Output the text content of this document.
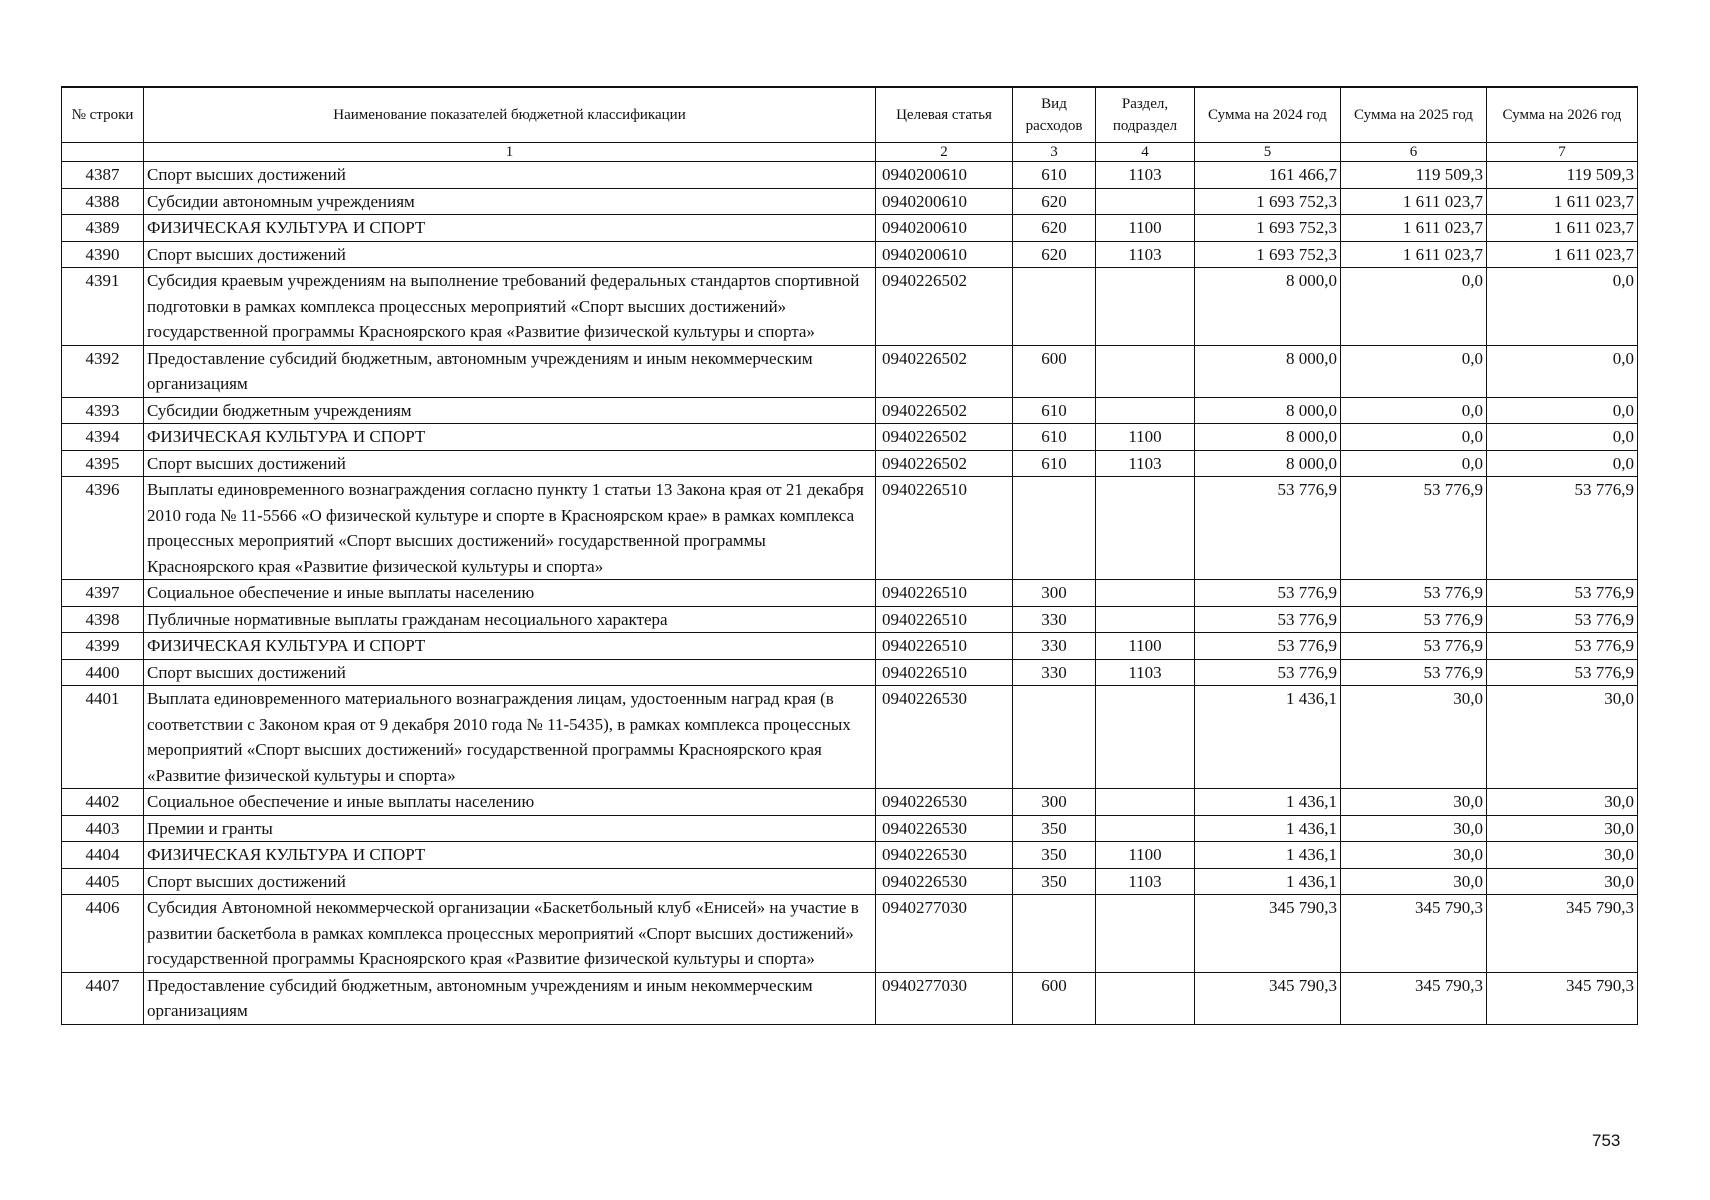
№ строки	Наименование показателей бюджетной классификации	Целевая статья	Вид расходов	Раздел, подраздел	Сумма на 2024 год	Сумма на 2025 год	Сумма на 2026 год
	1	2	3	4	5	6	7
4387	Спорт высших достижений	0940200610	610	1103	161 466,7	119 509,3	119 509,3
4388	Субсидии автономным учреждениям	0940200610	620		1 693 752,3	1 611 023,7	1 611 023,7
4389	ФИЗИЧЕСКАЯ КУЛЬТУРА И СПОРТ	0940200610	620	1100	1 693 752,3	1 611 023,7	1 611 023,7
4390	Спорт высших достижений	0940200610	620	1103	1 693 752,3	1 611 023,7	1 611 023,7
4391	Субсидия краевым учреждениям на выполнение требований федеральных стандартов спортивной подготовки в рамках комплекса процессных мероприятий «Спорт высших достижений» государственной программы Красноярского края «Развитие физической культуры и спорта»	0940226502			8 000,0	0,0	0,0
4392	Предоставление субсидий бюджетным, автономным учреждениям и иным некоммерческим организациям	0940226502	600		8 000,0	0,0	0,0
4393	Субсидии бюджетным учреждениям	0940226502	610		8 000,0	0,0	0,0
4394	ФИЗИЧЕСКАЯ КУЛЬТУРА И СПОРТ	0940226502	610	1100	8 000,0	0,0	0,0
4395	Спорт высших достижений	0940226502	610	1103	8 000,0	0,0	0,0
4396	Выплаты единовременного вознаграждения согласно пункту 1 статьи 13 Закона края от 21 декабря 2010 года № 11-5566 «О физической культуре и спорте в Красноярском крае» в рамках комплекса процессных мероприятий «Спорт высших достижений» государственной программы Красноярского края «Развитие физической культуры и спорта»	0940226510			53 776,9	53 776,9	53 776,9
4397	Социальное обеспечение и иные выплаты населению	0940226510	300		53 776,9	53 776,9	53 776,9
4398	Публичные нормативные выплаты гражданам несоциального характера	0940226510	330		53 776,9	53 776,9	53 776,9
4399	ФИЗИЧЕСКАЯ КУЛЬТУРА И СПОРТ	0940226510	330	1100	53 776,9	53 776,9	53 776,9
4400	Спорт высших достижений	0940226510	330	1103	53 776,9	53 776,9	53 776,9
4401	Выплата единовременного материального вознаграждения лицам, удостоенным наград края (в соответствии с Законом края от 9 декабря 2010 года № 11-5435), в рамках комплекса процессных мероприятий «Спорт высших достижений» государственной программы Красноярского края «Развитие физической культуры и спорта»	0940226530			1 436,1	30,0	30,0
4402	Социальное обеспечение и иные выплаты населению	0940226530	300		1 436,1	30,0	30,0
4403	Премии и гранты	0940226530	350		1 436,1	30,0	30,0
4404	ФИЗИЧЕСКАЯ КУЛЬТУРА И СПОРТ	0940226530	350	1100	1 436,1	30,0	30,0
4405	Спорт высших достижений	0940226530	350	1103	1 436,1	30,0	30,0
4406	Субсидия Автономной некоммерческой организации «Баскетбольный клуб «Енисей» на участие в развитии баскетбола в рамках комплекса процессных мероприятий «Спорт высших достижений» государственной программы Красноярского края «Развитие физической культуры и спорта»	0940277030			345 790,3	345 790,3	345 790,3
4407	Предоставление субсидий бюджетным, автономным учреждениям и иным некоммерческим организациям	0940277030	600		345 790,3	345 790,3	345 790,3
753
